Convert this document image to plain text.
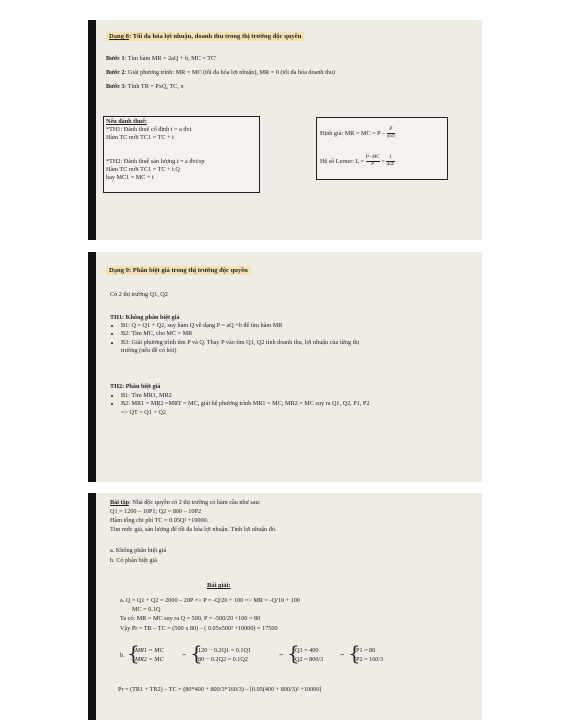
Dạng 8: Tối đa hóa lợi nhuận, doanh thu trong thị trường độc quyền
Bước 1: Tìm hàm MR = 2aQ + b, MC = TC'
Bước 2: Giải phương trình: MR = MC (tối đa hóa lợi nhuận), MR = 0 (tối đa hóa doanh thu)
Bước 3: Tính TR = PxQ, TC, π
Nếu đánh thuế:
*TH1: Đánh thuế cố định t = a đvt
Hàm TC mới TC1 = TC + t
*TH2: Đánh thuế sản lượng t = a đvt/sp
Hàm TC mới TC1 = TC + t.Q
hay MC1 = MC + t
Định giá: MR = MC = P – $\frac{P}{|Ed|}$
Hệ số Lerner: $L = \frac{P-MC}{P} = \frac{1}{|Ed|}$
Dạng 9: Phân biệt giá trong thị trường độc quyền
Có 2 thị trường Q1, Q2
TH1: Không phân biệt giá
• B1: Q = Q1 + Q2, suy hàm Q về dạng P = aQ +b để tìm hàm MR
• B2: Tìm MC, cho MC = MR
• B3: Giải phương trình tìm P và Q. Thay P vào tìm Q1, Q2 tính doanh thu, lợi nhuận của từng thị
trường (nếu đề có hỏi)
TH2: Phân biệt giá
• B1: Tìm MR1, MR2
• B2: MR1 = MR2 =MRT = MC, giải hệ phương trình MR1 = MC; MR2 = MC suy ra Q1, Q2, P1, P2
=> QT = Q1 + Q2
Bài tập: Nhà độc quyền có 2 thị trường có hàm cầu như sau:
Q1 = 1200 – 10P1; Q2 = 800 – 10P2
Hàm tổng chi phí TC = 0.05Q² +10000.
Tìm mức giá, sản lượng để tối đa hóa lợi nhuận. Tính lợi nhuận đó.
a. Không phân biệt giá
b. Có phân biệt giá
Bài giải:
a. Q = Q1 + Q2 = 2000 – 20P => P = -Q/20 + 100 => MR = -Q/10 + 100
MC = 0.1Q
Ta có: MR = MC suy ra Q = 500, P = -500/20 +100 = 80
Vậy Pr = TR – TC = (500 x 80) – ( 0.05x500² +10000) = 17500
b. {
MR1 = MC
MR2 = MC
⇔ {
120 − 0.2Q1 = 0.1Q1
80 − 0.2Q2 = 0.1Q2
⇔ {
Q1 = 400
Q2 = 800/3
⇔ {
P1 = 80
P2 = 160/3
Pr = (TR1 + TR2) – TC = (80*400 + 800/3*160/3) – [0.05(400 + 800/3)² +10000]
